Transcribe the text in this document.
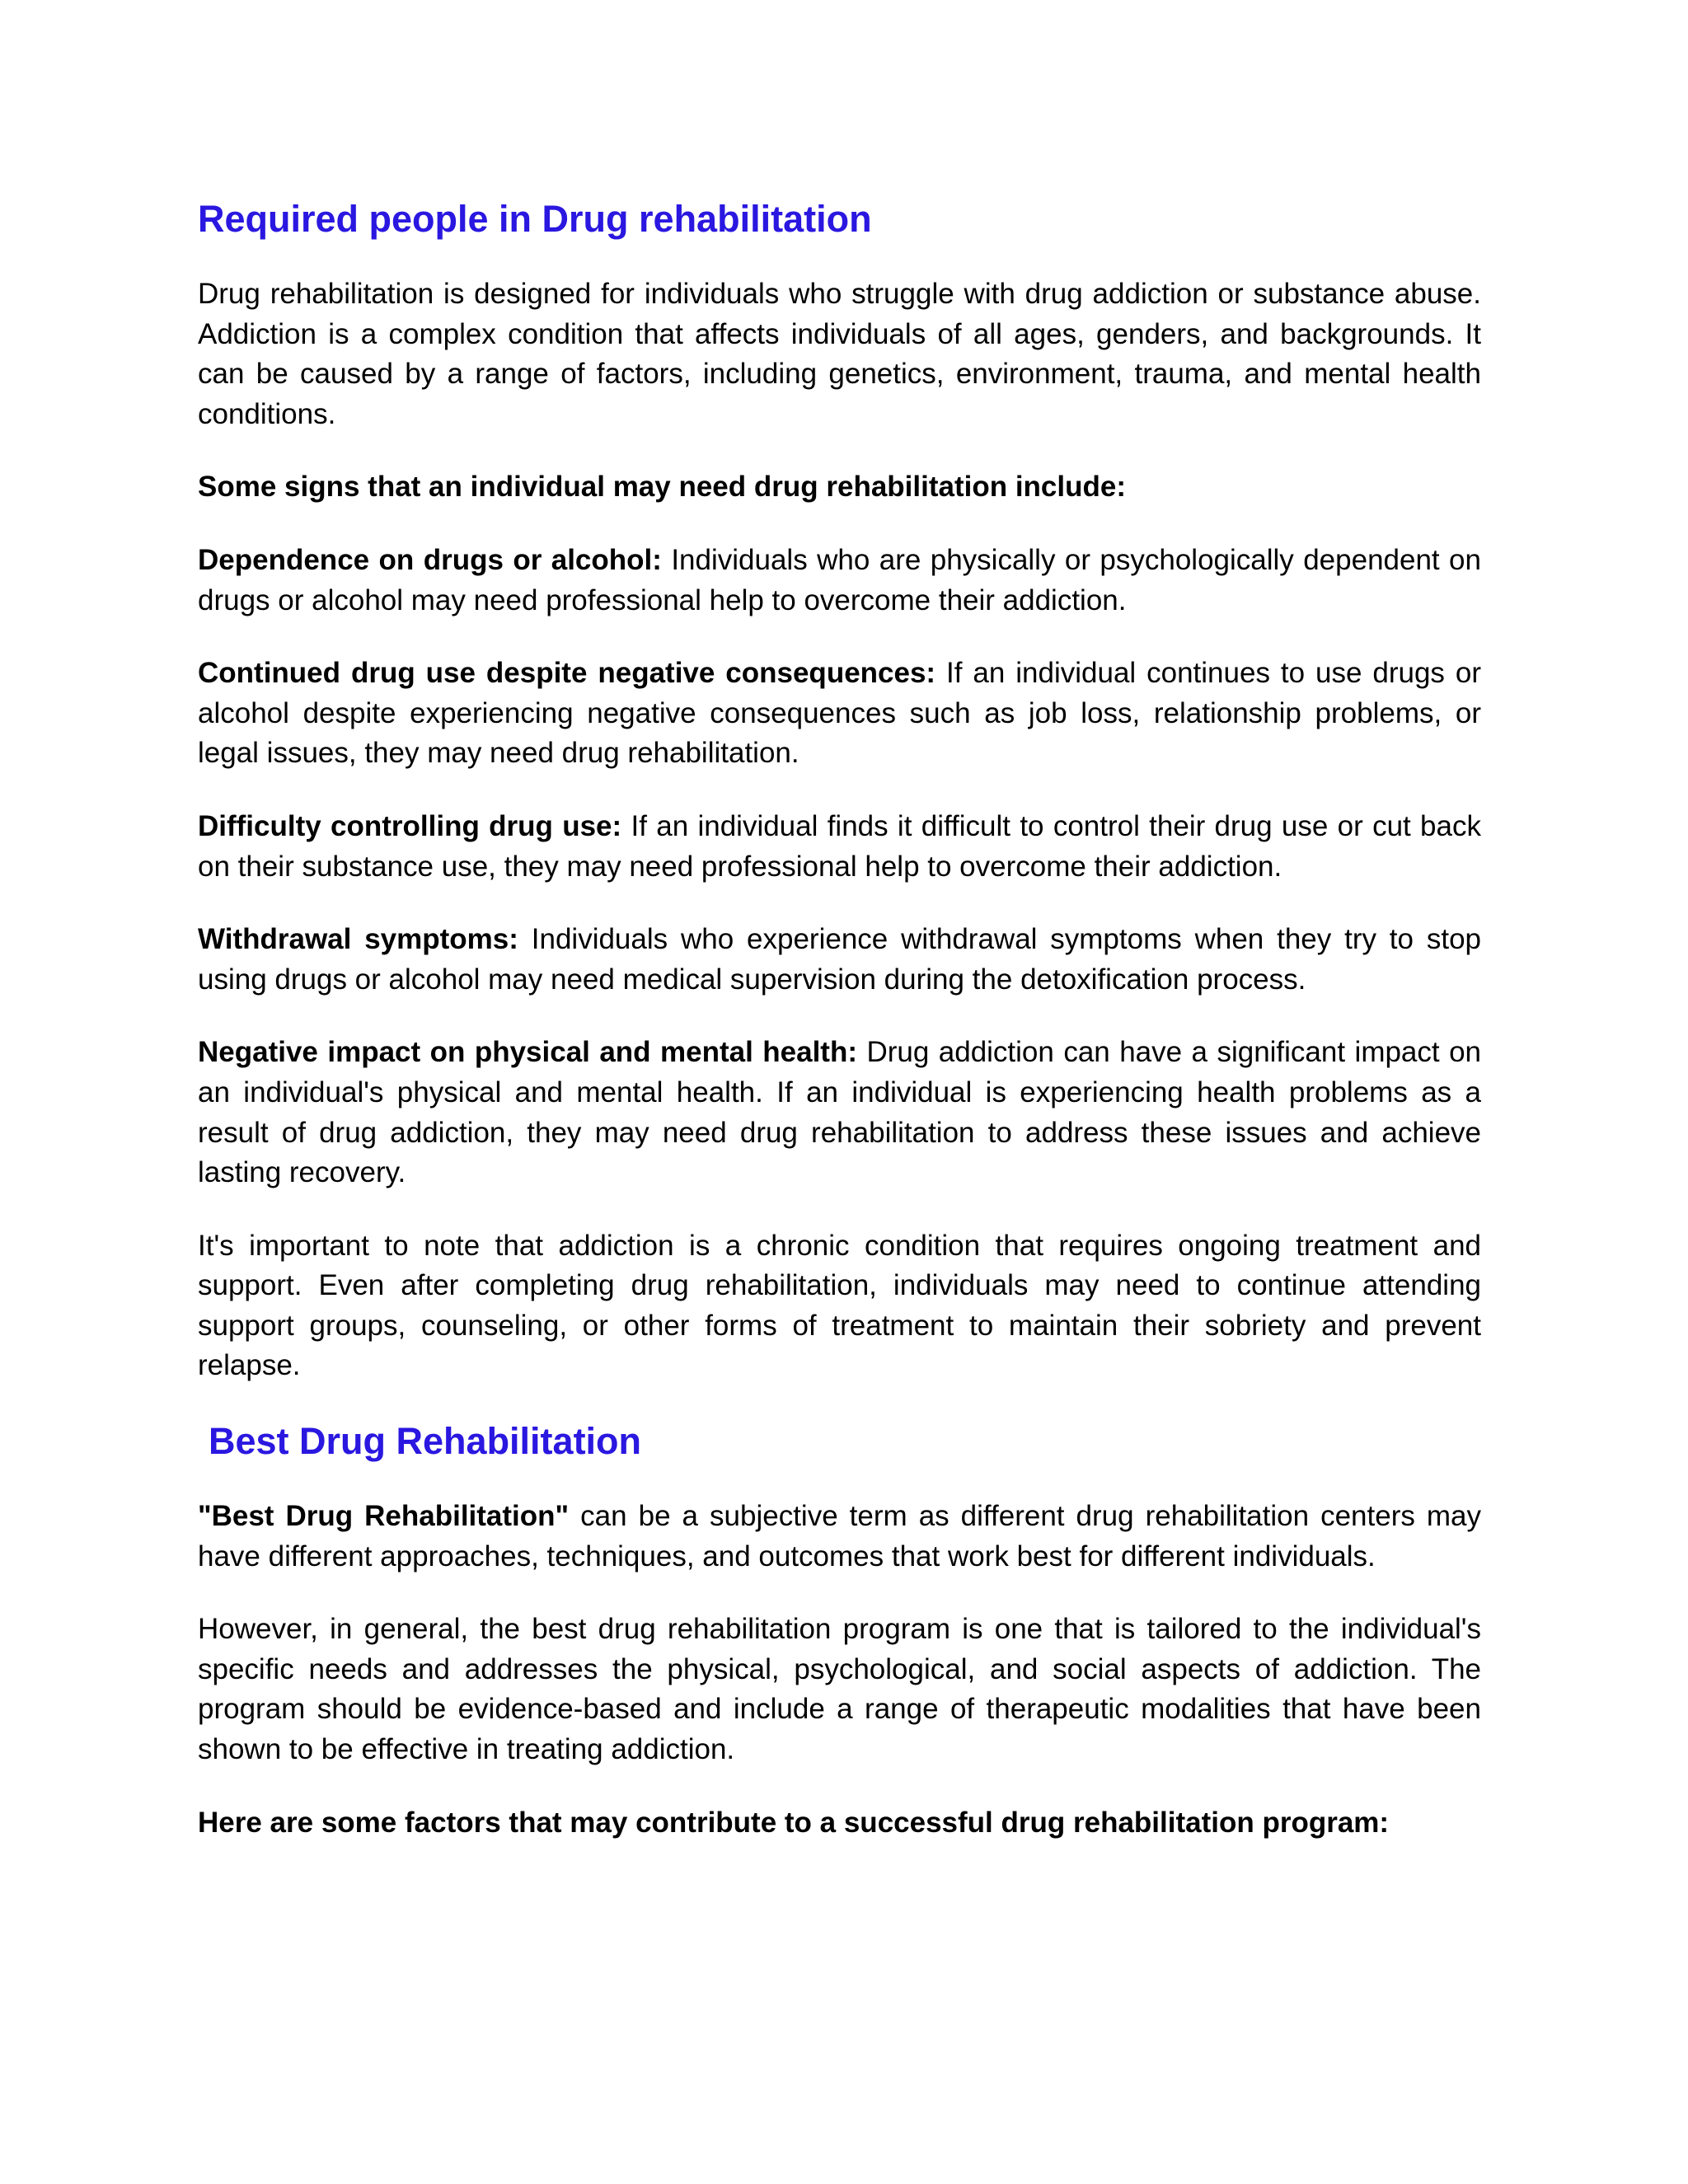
Required people in Drug rehabilitation

Drug rehabilitation is designed for individuals who struggle with drug addiction or substance abuse. Addiction is a complex condition that affects individuals of all ages, genders, and backgrounds. It can be caused by a range of factors, including genetics, environment, trauma, and mental health conditions.

Some signs that an individual may need drug rehabilitation include:

Dependence on drugs or alcohol: Individuals who are physically or psychologically dependent on drugs or alcohol may need professional help to overcome their addiction.

Continued drug use despite negative consequences: If an individual continues to use drugs or alcohol despite experiencing negative consequences such as job loss, relationship problems, or legal issues, they may need drug rehabilitation.

Difficulty controlling drug use: If an individual finds it difficult to control their drug use or cut back on their substance use, they may need professional help to overcome their addiction.

Withdrawal symptoms: Individuals who experience withdrawal symptoms when they try to stop using drugs or alcohol may need medical supervision during the detoxification process.

Negative impact on physical and mental health: Drug addiction can have a significant impact on an individual's physical and mental health. If an individual is experiencing health problems as a result of drug addiction, they may need drug rehabilitation to address these issues and achieve lasting recovery.

It's important to note that addiction is a chronic condition that requires ongoing treatment and support. Even after completing drug rehabilitation, individuals may need to continue attending support groups, counseling, or other forms of treatment to maintain their sobriety and prevent relapse.

Best Drug Rehabilitation

"Best Drug Rehabilitation" can be a subjective term as different drug rehabilitation centers may have different approaches, techniques, and outcomes that work best for different individuals.

However, in general, the best drug rehabilitation program is one that is tailored to the individual's specific needs and addresses the physical, psychological, and social aspects of addiction. The program should be evidence-based and include a range of therapeutic modalities that have been shown to be effective in treating addiction.

Here are some factors that may contribute to a successful drug rehabilitation program:
